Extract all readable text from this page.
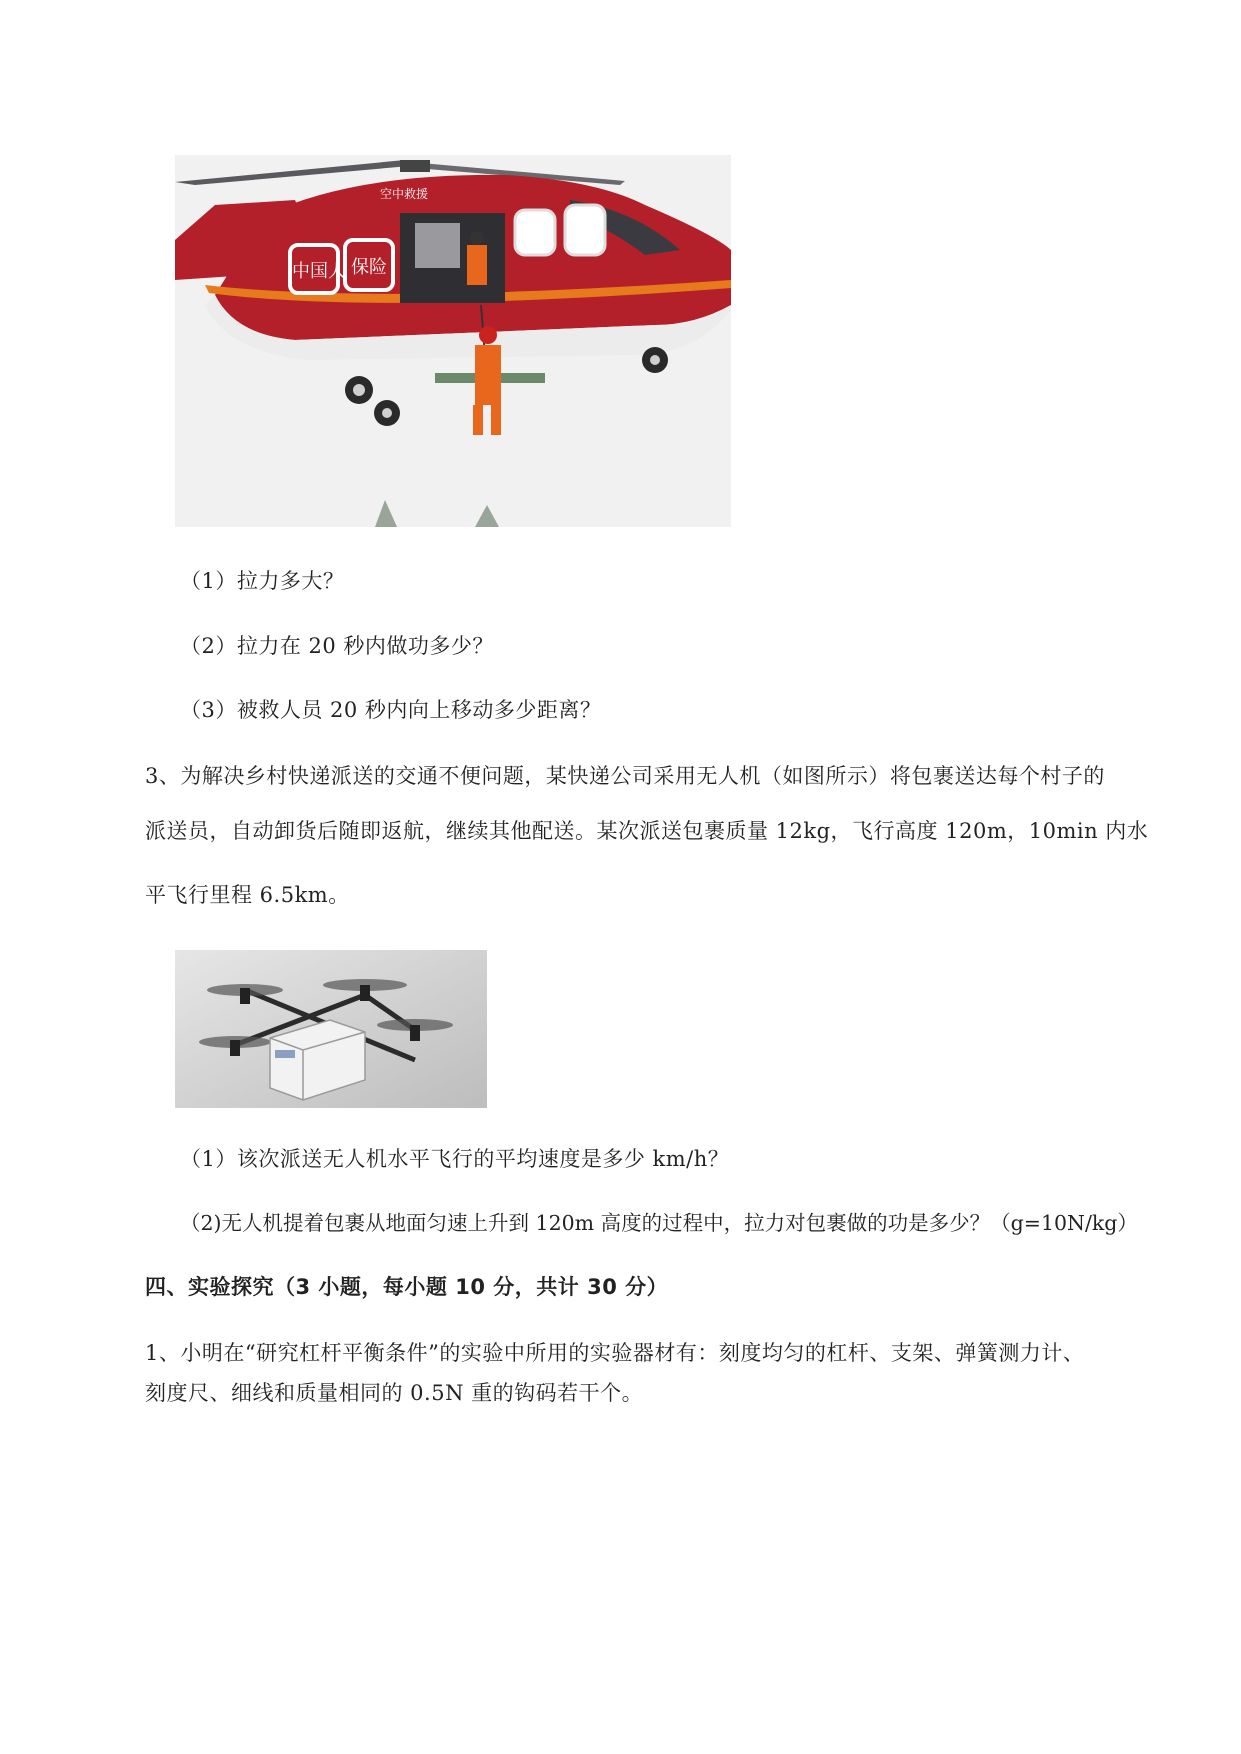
中国人 保险
空中救援
（1）拉力多大？
（2）拉力在 20 秒内做功多少？
（3）被救人员 20 秒内向上移动多少距离？
3、为解决乡村快递派送的交通不便问题，某快递公司采用无人机（如图所示）将包裹送达每个村子的
派送员，自动卸货后随即返航，继续其他配送。某次派送包裹质量 12kg，飞行高度 120m，10min 内水
平飞行里程 6.5km。
（1）该次派送无人机水平飞行的平均速度是多少 km/h？
（2)无人机提着包裹从地面匀速上升到 120m 高度的过程中，拉力对包裹做的功是多少？（g=10N/kg）
四、实验探究（3 小题，每小题 10 分，共计 30 分）
1、小明在“研究杠杆平衡条件”的实验中所用的实验器材有：刻度均匀的杠杆、支架、弹簧测力计、
刻度尺、细线和质量相同的 0.5N 重的钩码若干个。
